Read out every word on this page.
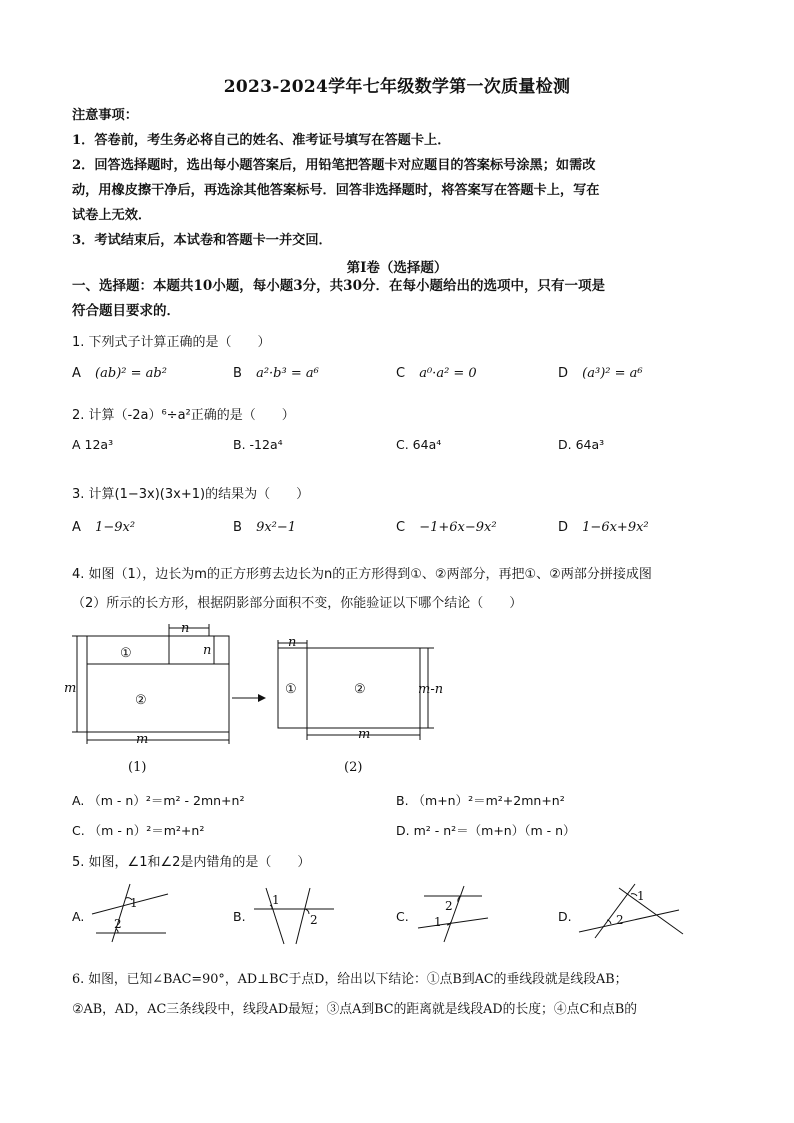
2023-2024学年七年级数学第一次质量检测
注意事项：
1．答卷前，考生务必将自己的姓名、准考证号填写在答题卡上．
2．回答选择题时，选出每小题答案后，用铅笔把答题卡对应题目的答案标号涂黑；如需改
动，用橡皮擦干净后，再选涂其他答案标号．回答非选择题时，将答案写在答题卡上，写在
试卷上无效．
3．考试结束后，本试卷和答题卡一并交回．
第Ⅰ卷（选择题）
一、选择题：本题共10小题，每小题3分，共30分．在每小题给出的选项中，只有一项是
符合题目要求的．
1. 下列式子计算正确的是（　　）
A (ab)² = ab²	B a²·b³ = a⁶	C a⁰·a² = 0	D (a³)² = a⁶
2. 计算（-2a）⁶÷a²正确的是（　　）
A 12a³	B. -12a⁴	C. 64a⁴	D. 64a³
3. 计算(1−3x)(3x+1)的结果为（　　）
A 1−9x²	B 9x²−1	C −1+6x−9x²	D 1−6x+9x²
4. 如图（1），边长为m的正方形剪去边长为n的正方形得到①、②两部分，再把①、②两部分拼接成图
（2）所示的长方形，根据阴影部分面积不变，你能验证以下哪个结论（　　）
①
②
m
n
n
m
(1)
①	②
n
m-n
m
(2)
A. （m - n）²＝m² - 2mn+n²	B. （m+n）²＝m²+2mn+n²
C. （m - n）²＝m²+n²	D. m² - n²＝（m+n）（m - n）
5. 如图，∠1和∠2是内错角的是（　　）
A.
1
2	B.
1
2	C.
2
1	D.
1
2
6. 如图，已知∠BAC=90°，AD⊥BC于点D，给出以下结论：①点B到AC的垂线段就是线段AB；
②AB，AD，AC三条线段中，线段AD最短；③点A到BC的距离就是线段AD的长度；④点C和点B的
